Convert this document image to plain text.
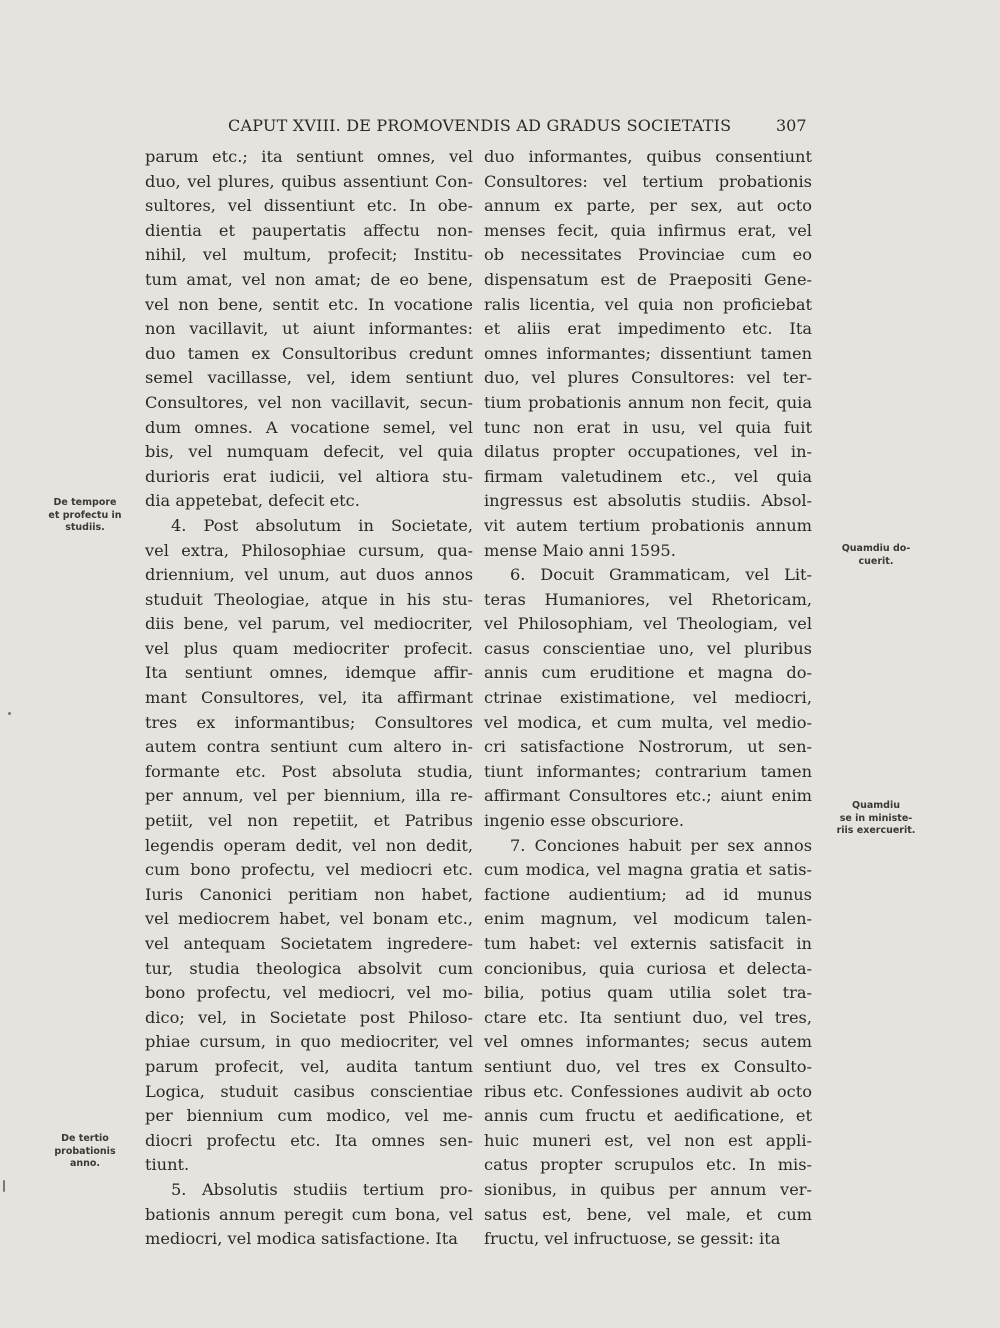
CAPUT XVIII. DE PROMOVENDIS AD GRADUS SOCIETATIS	307
De tempore
et profectu in
studiis.
De tertio
probationis
anno.
Quamdiu do-
cuerit.
Quamdiu
se in ministe-
riis exercuerit.
parum etc.; ita sentiunt omnes, vel
duo, vel plures, quibus assentiunt Con-
sultores, vel dissentiunt etc. In obe-
dientia et paupertatis affectu non-
nihil, vel multum, profecit; Institu-
tum amat, vel non amat; de eo bene,
vel non bene, sentit etc. In vocatione
non vacillavit, ut aiunt informantes:
duo tamen ex Consultoribus credunt
semel vacillasse, vel, idem sentiunt
Consultores, vel non vacillavit, secun-
dum omnes. A vocatione semel, vel
bis, vel numquam defecit, vel quia
durioris erat iudicii, vel altiora stu-
dia appetebat, defecit etc.
4. Post absolutum in Societate,
vel extra, Philosophiae cursum, qua-
driennium, vel unum, aut duos annos
studuit Theologiae, atque in his stu-
diis bene, vel parum, vel mediocriter,
vel plus quam mediocriter profecit.
Ita sentiunt omnes, idemque affir-
mant Consultores, vel, ita affirmant
tres ex informantibus; Consultores
autem contra sentiunt cum altero in-
formante etc. Post absoluta studia,
per annum, vel per biennium, illa re-
petiit, vel non repetiit, et Patribus
legendis operam dedit, vel non dedit,
cum bono profectu, vel mediocri etc.
Iuris Canonici peritiam non habet,
vel mediocrem habet, vel bonam etc.,
vel antequam Societatem ingredere-
tur, studia theologica absolvit cum
bono profectu, vel mediocri, vel mo-
dico; vel, in Societate post Philoso-
phiae cursum, in quo mediocriter, vel
parum profecit, vel, audita tantum
Logica, studuit casibus conscientiae
per biennium cum modico, vel me-
diocri profectu etc. Ita omnes sen-
tiunt.
5. Absolutis studiis tertium pro-
bationis annum peregit cum bona, vel
mediocri, vel modica satisfactione. Ita
duo informantes, quibus consentiunt
Consultores: vel tertium probationis
annum ex parte, per sex, aut octo
menses fecit, quia infirmus erat, vel
ob necessitates Provinciae cum eo
dispensatum est de Praepositi Gene-
ralis licentia, vel quia non proficiebat
et aliis erat impedimento etc. Ita
omnes informantes; dissentiunt tamen
duo, vel plures Consultores: vel ter-
tium probationis annum non fecit, quia
tunc non erat in usu, vel quia fuit
dilatus propter occupationes, vel in-
firmam valetudinem etc., vel quia
ingressus est absolutis studiis. Absol-
vit autem tertium probationis annum
mense Maio anni 1595.
6. Docuit Grammaticam, vel Lit-
teras Humaniores, vel Rhetoricam,
vel Philosophiam, vel Theologiam, vel
casus conscientiae uno, vel pluribus
annis cum eruditione et magna do-
ctrinae existimatione, vel mediocri,
vel modica, et cum multa, vel medio-
cri satisfactione Nostrorum, ut sen-
tiunt informantes; contrarium tamen
affirmant Consultores etc.; aiunt enim
ingenio esse obscuriore.
7. Conciones habuit per sex annos
cum modica, vel magna gratia et satis-
factione audientium; ad id munus
enim magnum, vel modicum talen-
tum habet: vel externis satisfacit in
concionibus, quia curiosa et delecta-
bilia, potius quam utilia solet tra-
ctare etc. Ita sentiunt duo, vel tres,
vel omnes informantes; secus autem
sentiunt duo, vel tres ex Consulto-
ribus etc. Confessiones audivit ab octo
annis cum fructu et aedificatione, et
huic muneri est, vel non est appli-
catus propter scrupulos etc. In mis-
sionibus, in quibus per annum ver-
satus est, bene, vel male, et cum
fructu, vel infructuose, se gessit: ita
